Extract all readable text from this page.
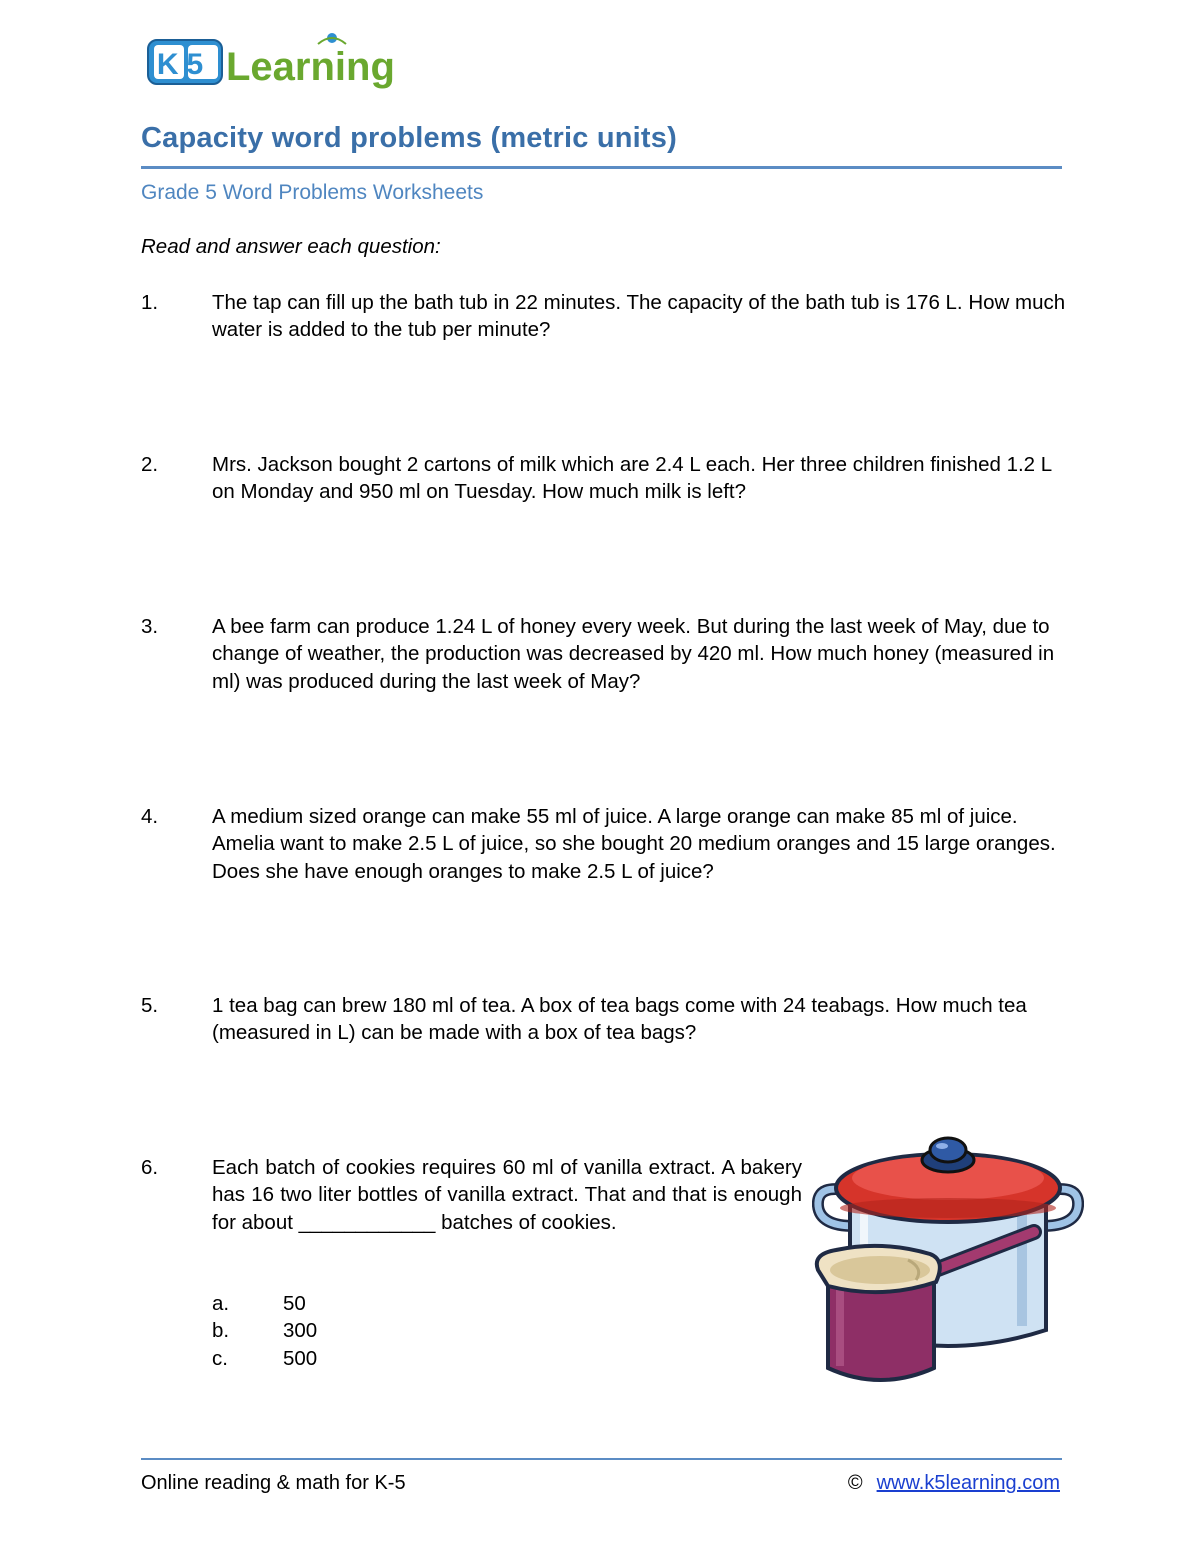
K5 Learning
Capacity word problems (metric units)
Grade 5 Word Problems Worksheets
Read and answer each question:
1.	The tap can fill up the bath tub in 22 minutes. The capacity of the bath tub is 176 L. How much water is added to the tub per minute?
2.	Mrs. Jackson bought 2 cartons of milk which are 2.4 L each. Her three children finished 1.2 L on Monday and 950 ml on Tuesday. How much milk is left?
3.	A bee farm can produce 1.24 L of honey every week. But during the last week of May, due to change of weather, the production was decreased by 420 ml. How much honey (measured in ml) was produced during the last week of May?
4.	A medium sized orange can make 55 ml of juice. A large orange can make 85 ml of juice. Amelia want to make 2.5 L of juice, so she bought 20 medium oranges and 15 large oranges. Does she have enough oranges to make 2.5 L of juice?
5.	1 tea bag can brew 180 ml of tea. A box of tea bags come with 24 teabags. How much tea (measured in L) can be made with a box of tea bags?
6.	Each batch of cookies requires 60 ml of vanilla extract. A bakery has 16 two liter bottles of vanilla extract. That and that is enough for about ____________ batches of cookies.
a.	50
b.	300
c.	500
Online reading & math for K-5	© www.k5learning.com
